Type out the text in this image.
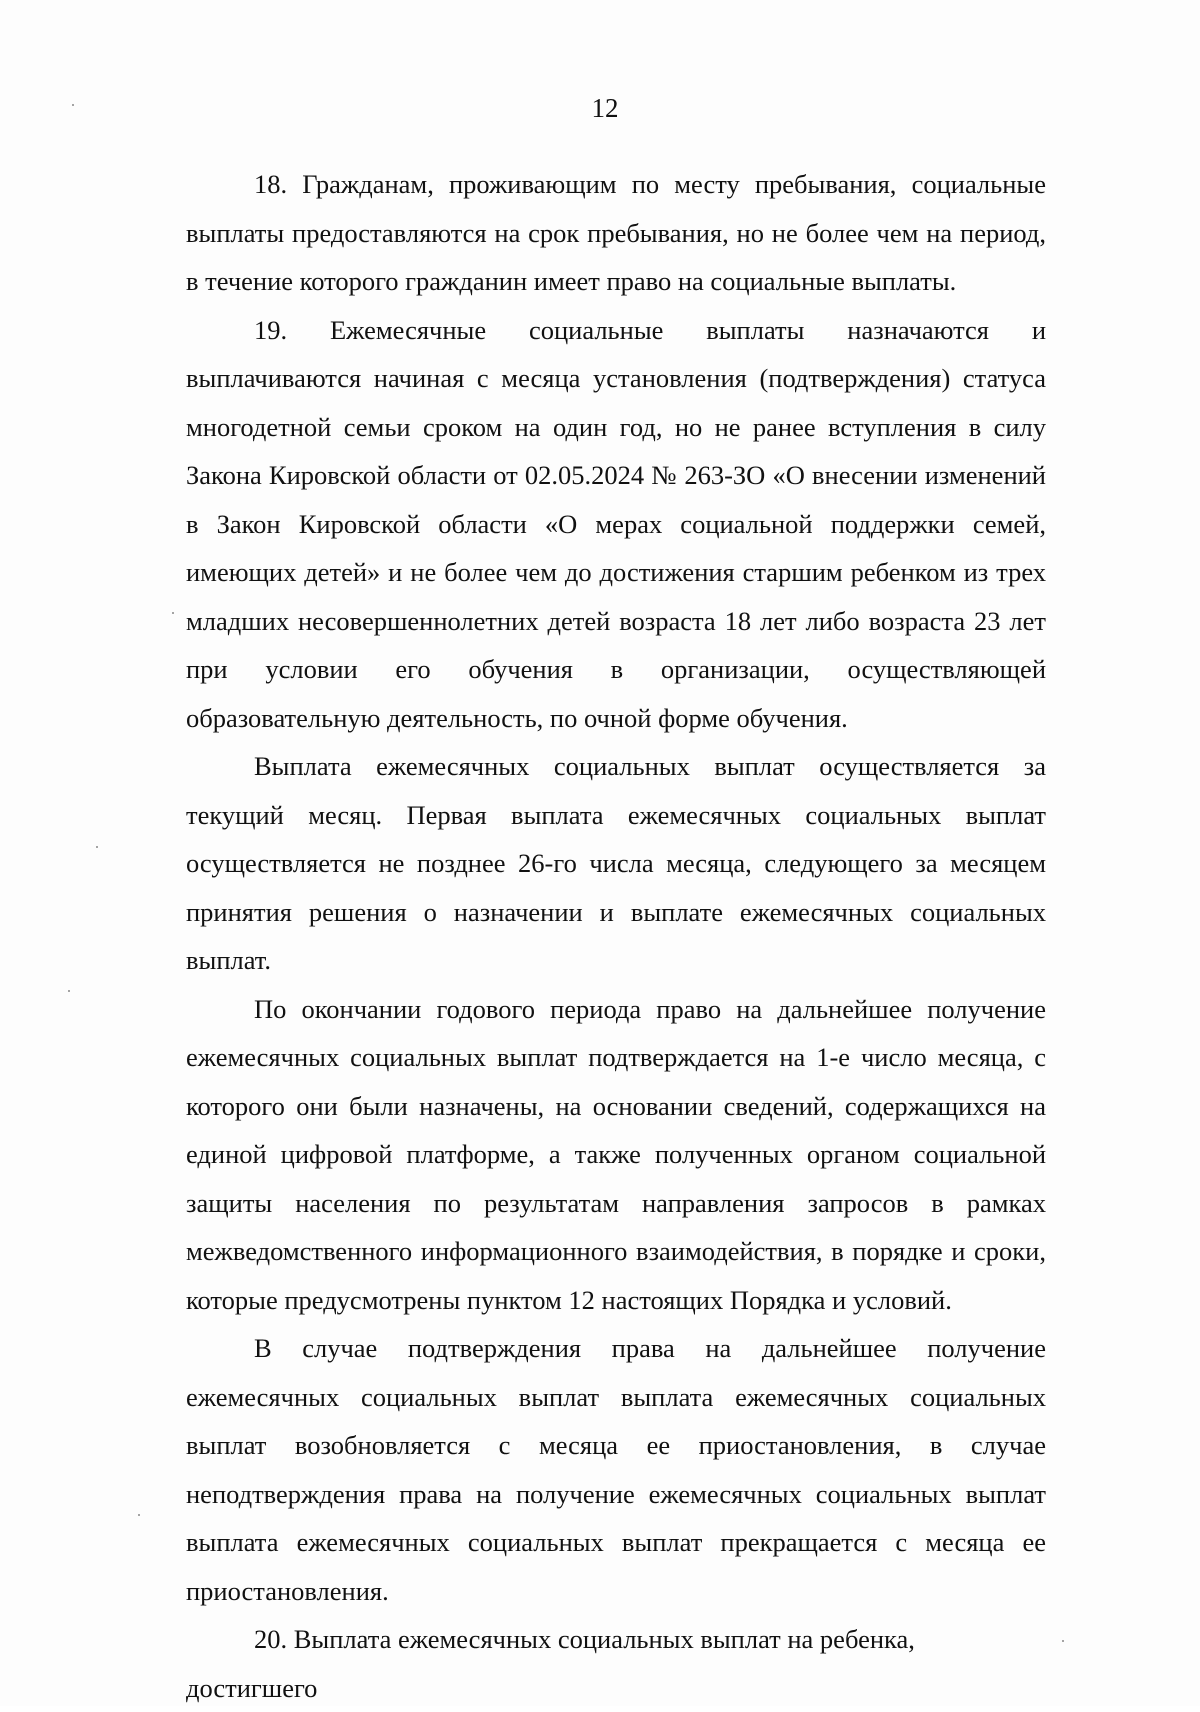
12

18. Гражданам, проживающим по месту пребывания, социальные выплаты предоставляются на срок пребывания, но не более чем на период, в течение которого гражданин имеет право на социальные выплаты.

19. Ежемесячные социальные выплаты назначаются и выплачиваются начиная с месяца установления (подтверждения) статуса многодетной семьи сроком на один год, но не ранее вступления в силу Закона Кировской области от 02.05.2024 № 263-ЗО «О внесении изменений в Закон Кировской области «О мерах социальной поддержки семей, имеющих детей» и не более чем до достижения старшим ребенком из трех младших несовершеннолетних детей возраста 18 лет либо возраста 23 лет при условии его обучения в организации, осуществляющей образовательную деятельность, по очной форме обучения.

Выплата ежемесячных социальных выплат осуществляется за текущий месяц. Первая выплата ежемесячных социальных выплат осуществляется не позднее 26-го числа месяца, следующего за месяцем принятия решения о назначении и выплате ежемесячных социальных выплат.

По окончании годового периода право на дальнейшее получение ежемесячных социальных выплат подтверждается на 1-е число месяца, с которого они были назначены, на основании сведений, содержащихся на единой цифровой платформе, а также полученных органом социальной защиты населения по результатам направления запросов в рамках межведомственного информационного взаимодействия, в порядке и сроки, которые предусмотрены пунктом 12 настоящих Порядка и условий.

В случае подтверждения права на дальнейшее получение ежемесячных социальных выплат выплата ежемесячных социальных выплат возобновляется с месяца ее приостановления, в случае неподтверждения права на получение ежемесячных социальных выплат выплата ежемесячных социальных выплат прекращается с месяца ее приостановления.

20. Выплата ежемесячных социальных выплат на ребенка, достигшего
